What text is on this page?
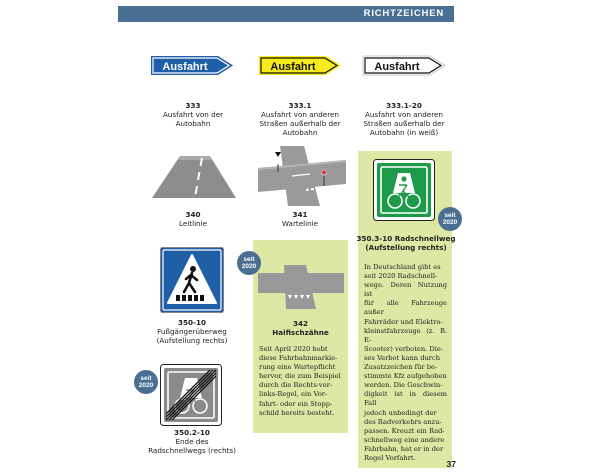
RICHTZEICHEN
Ausfahrt	Ausfahrt	Ausfahrt
333
Ausfahrt von der
Autobahn
333.1
Ausfahrt von anderen
Straßen außerhalb der
Autobahn
333.1-20
Ausfahrt von anderen
Straßen außerhalb der
Autobahn (in weiß)
340
Leitlinie
341
Wartelinie
seit
2020
350.3-10 Radschnellweg
(Aufstellung rechts)
In Deutschland gibt es
seit 2020 Radschnell-
wege. Deren Nutzung ist
für alle Fahrzeuge außer
Fahrräder und Elektro-
kleinstfahrzeuge (z. B. E-
Scooter) verboten. Die-
ses Verbot kann durch
Zusatzzeichen für be-
stimmte Kfz aufgehoben
werden. Die Geschwin-
digkeit ist in diesem Fall
jedoch unbedingt der
des Radverkehrs anzu-
passen. Kreuzt ein Rad-
schnellweg eine andere
Fahrbahn, hat er in der
Regel Vorfahrt.
350-10
Fußgängerüberweg
(Aufstellung rechts)
seit
2020
350.2-10
Ende des
Radschnellwegs (rechts)
seit
2020
342
Haifischzähne
Seit April 2020 hebt
diese Fahrbahnmarkie-
rung eine Wartepflicht
hervor, die zum Beispiel
durch die Rechts-vor-
links-Regel, ein Vor-
fahrt- oder ein Stopp-
schild bereits besteht.
37
